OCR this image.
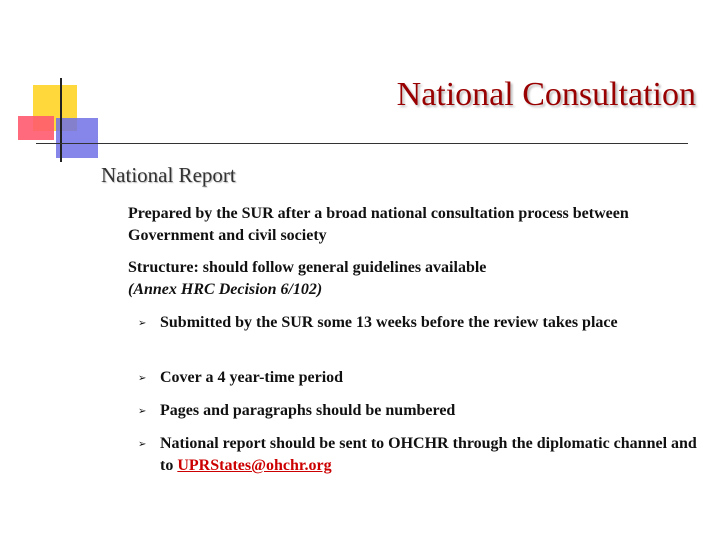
National Consultation
National Report
Prepared by the SUR after a broad national consultation process between Government and civil society
Structure: should follow general guidelines available
(Annex HRC Decision 6/102)
➢ Submitted by the SUR some 13 weeks before the review takes place
➢ Cover a 4 year-time period
➢ Pages and paragraphs should be numbered
➢ National report should be sent to OHCHR through the diplomatic channel and to UPRStates@ohchr.org
